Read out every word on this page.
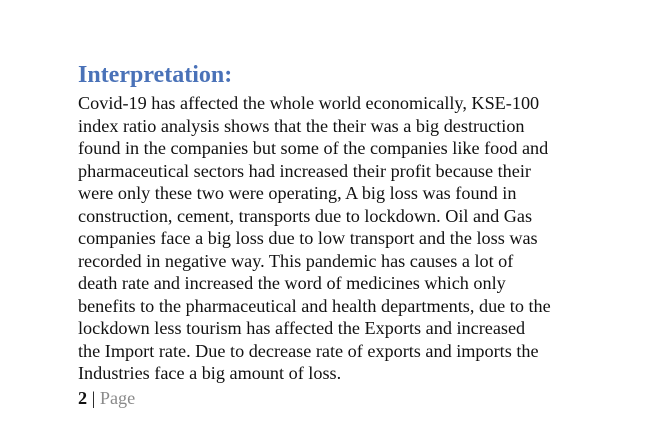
Interpretation:

Covid-19 has affected the whole world economically, KSE-100
index ratio analysis shows that the their was a big destruction
found in the companies but some of the companies like food and
pharmaceutical sectors had increased their profit because their
were only these two were operating, A big loss was found in
construction, cement, transports due to lockdown. Oil and Gas
companies face a big loss due to low transport and the loss was
recorded in negative way. This pandemic has causes a lot of
death rate and increased the word of medicines which only
benefits to the pharmaceutical and health departments, due to the
lockdown less tourism has affected the Exports and increased
the Import rate. Due to decrease rate of exports and imports the
Industries face a big amount of loss.

2 | Page
